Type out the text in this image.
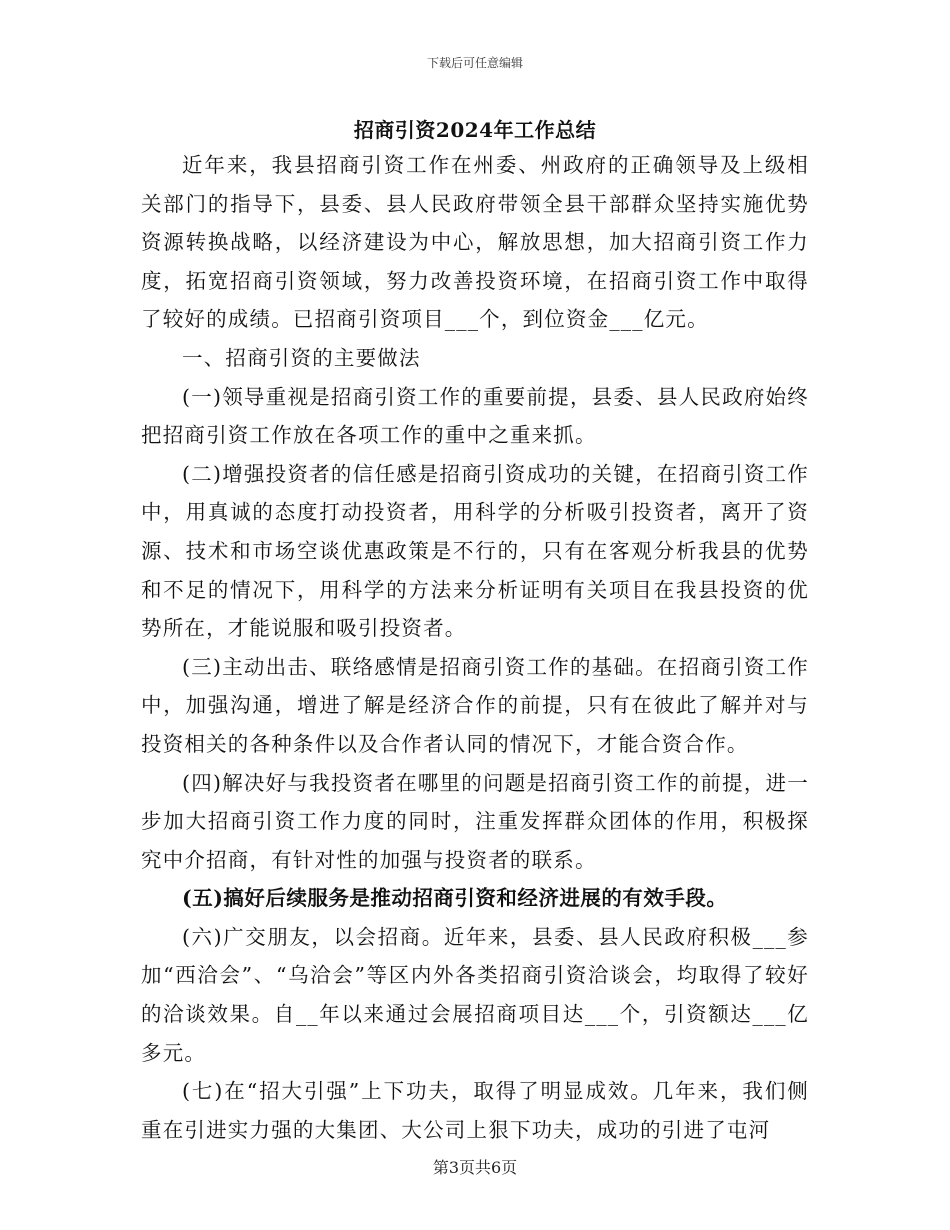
下载后可任意编辑
招商引资2024年工作总结

近年来，我县招商引资工作在州委、州政府的正确领导及上级相关部门的指导下，县委、县人民政府带领全县干部群众坚持实施优势资源转换战略，以经济建设为中心，解放思想，加大招商引资工作力度，拓宽招商引资领域，努力改善投资环境，在招商引资工作中取得了较好的成绩。已招商引资项目___个，到位资金___亿元。

一、招商引资的主要做法

(一)领导重视是招商引资工作的重要前提，县委、县人民政府始终把招商引资工作放在各项工作的重中之重来抓。

(二)增强投资者的信任感是招商引资成功的关键，在招商引资工作中，用真诚的态度打动投资者，用科学的分析吸引投资者，离开了资源、技术和市场空谈优惠政策是不行的，只有在客观分析我县的优势和不足的情况下，用科学的方法来分析证明有关项目在我县投资的优势所在，才能说服和吸引投资者。

(三)主动出击、联络感情是招商引资工作的基础。在招商引资工作中，加强沟通，增进了解是经济合作的前提，只有在彼此了解并对与投资相关的各种条件以及合作者认同的情况下，才能合资合作。

(四)解决好与我投资者在哪里的问题是招商引资工作的前提，进一步加大招商引资工作力度的同时，注重发挥群众团体的作用，积极探究中介招商，有针对性的加强与投资者的联系。

(五)搞好后续服务是推动招商引资和经济进展的有效手段。

(六)广交朋友，以会招商。近年来，县委、县人民政府积极___参加“西洽会”、“乌洽会”等区内外各类招商引资洽谈会，均取得了较好的洽谈效果。自__年以来通过会展招商项目达___个，引资额达___亿多元。

(七)在“招大引强”上下功夫，取得了明显成效。几年来，我们侧重在引进实力强的大集团、大公司上狠下功夫，成功的引进了屯河

第3页共6页
